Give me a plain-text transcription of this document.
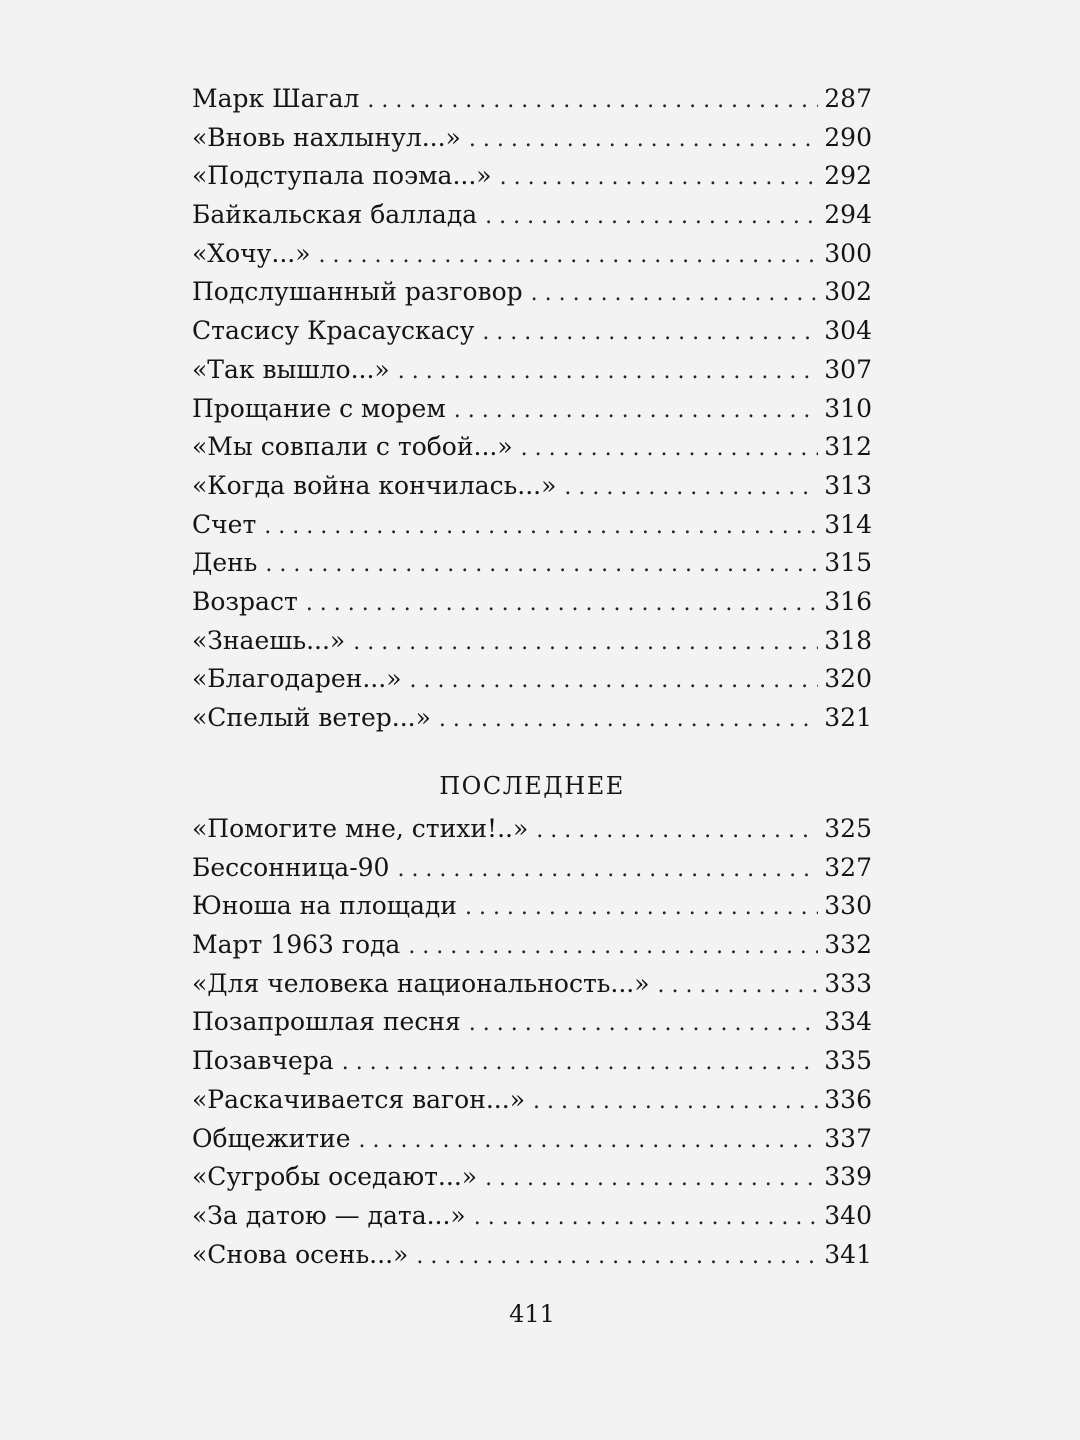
Марк Шагал . . .	287
«Вновь нахлынул...» . . .	290
«Подступала поэма...» . . .	292
Байкальская баллада . . .	294
«Хочу...» . . .	300
Подслушанный разговор . . .	302
Стасису Красаускасу . . .	304
«Так вышло...» . . .	307
Прощание с морем . . .	310
«Мы совпали с тобой...» . . .	312
«Когда война кончилась...» . . .	313
Счет . . .	314
День . . .	315
Возраст . . .	316
«Знаешь...» . . .	318
«Благодарен...» . . .	320
«Спелый ветер...» . . .	321
ПОСЛЕДНЕЕ
«Помогите мне, стихи!..» . . .	325
Бессонница-90 . . .	327
Юноша на площади . . .	330
Март 1963 года . . .	332
«Для человека национальность...» . . .	333
Позапрошлая песня . . .	334
Позавчера . . .	335
«Раскачивается вагон...» . . .	336
Общежитие . . .	337
«Сугробы оседают...» . . .	339
«За датою — дата...» . . .	340
«Снова осень...» . . .	341
411
